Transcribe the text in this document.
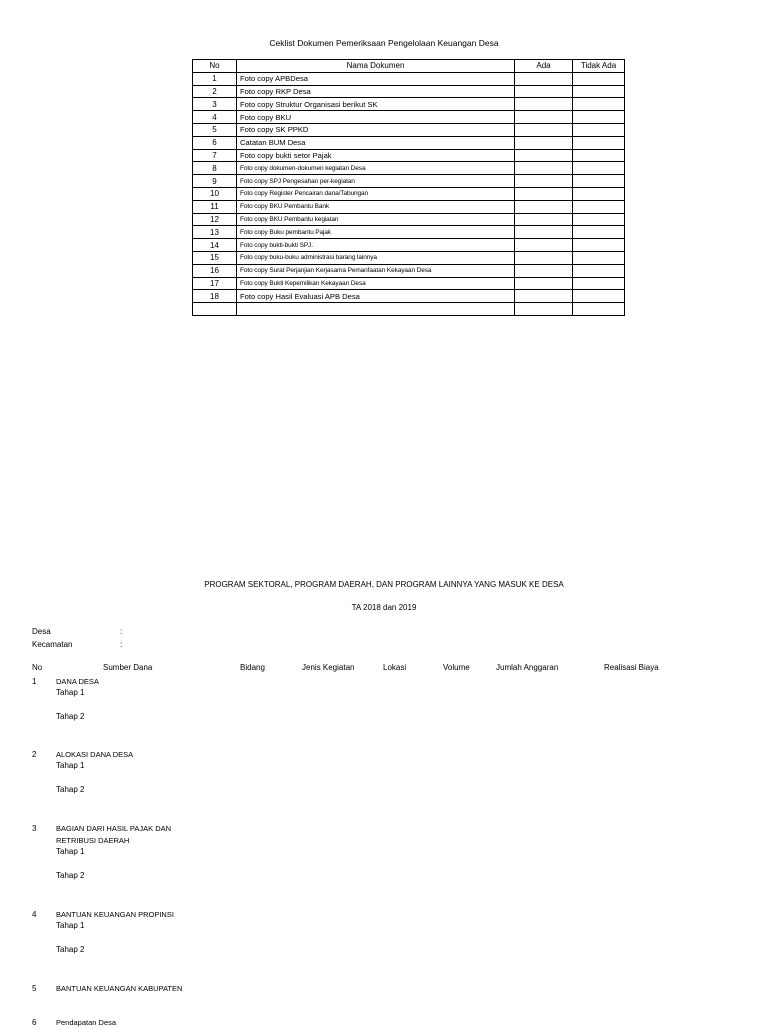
Ceklist Dokumen Pemeriksaan Pengelolaan Keuangan Desa
No	Nama Dokumen	Ada	Tidak Ada
1	Foto copy APBDesa		
2	Foto copy RKP Desa		
3	Foto copy Struktur Organisasi berikut SK		
4	Foto copy BKU		
5	Foto copy SK PPKD		
6	Catatan BUM Desa		
7	Foto copy bukti setor Pajak		
8	Foto copy dokumen-dokumen kegiatan Desa		
9	Foto copy SPJ Pengesahan per-kegiatan		
10	Foto copy Register Pencairan dana/Tabungan		
11	Foto copy BKU Pembantu Bank		
12	Foto copy BKU Pembantu kegiatan		
13	Foto copy Buku pembantu Pajak		
14	Foto copy bukti-bukti SPJ.		
15	Foto copy buku-buku administrasi barang lainnya		
16	Foto copy Surat Perjanjian Kerjasama Pemanfaatan Kekayaan Desa		
17	Foto copy Bukti Kepemilikan Kekayaan Desa		
18	Foto copy Hasil Evaluasi APB Desa		

PROGRAM SEKTORAL, PROGRAM DAERAH, DAN PROGRAM LAINNYA YANG MASUK KE DESA
TA 2018 dan 2019
Desa	:
Kecamatan	:
No	Sumber Dana	Bidang	Jenis Kegiatan	Lokasi	Volume	Jumlah Anggaran	Realisasi Biaya
1	DANA DESA
Tahap 1
Tahap 2
2	ALOKASI DANA DESA
Tahap 1
Tahap 2
3	BAGIAN DARI HASIL PAJAK DAN RETRIBUSI DAERAH
Tahap 1
Tahap 2
4	BANTUAN KEUANGAN PROPINSI
Tahap 1
Tahap 2
5	BANTUAN KEUANGAN KABUPATEN
6	Pendapatan Desa
